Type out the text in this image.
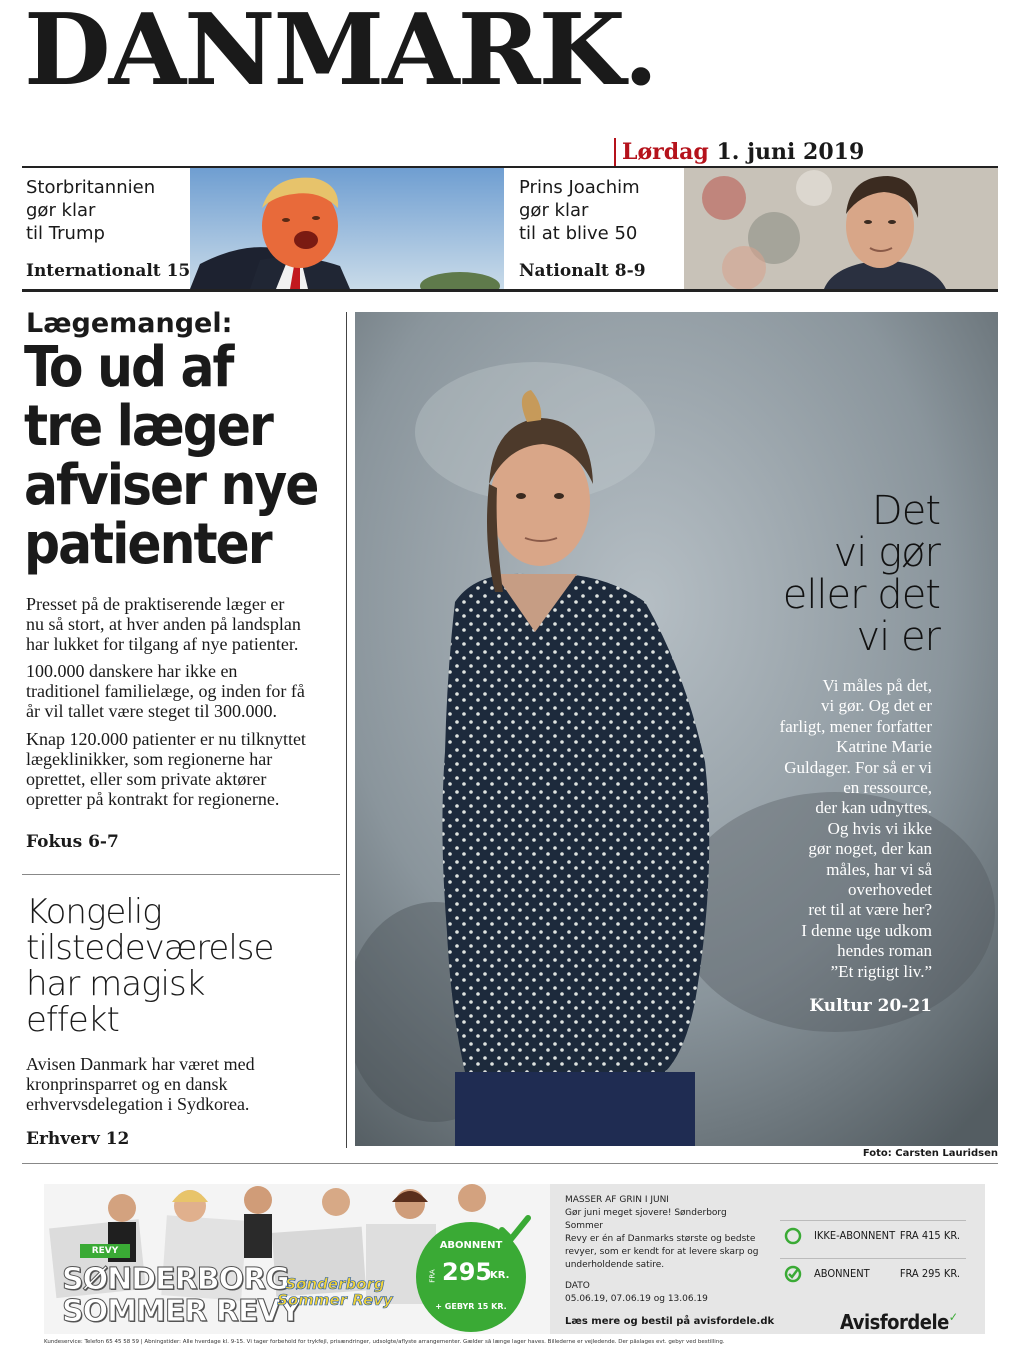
DANMARK.
Lørdag 1. juni 2019
Storbritannien
gør klar
til Trump
Internationalt 15
Prins Joachim
gør klar
til at blive 50
Nationalt 8-9
Lægemangel:
To ud af
tre læger
afviser nye
patienter
Presset på de praktiserende læger er
nu så stort, at hver anden på landsplan
har lukket for tilgang af nye patienter.
100.000 danskere har ikke en
traditionel familielæge, og inden for få
år vil tallet være steget til 300.000.
Knap 120.000 patienter er nu tilknyttet
lægeklinikker, som regionerne har
oprettet, eller som private aktører
opretter på kontrakt for regionerne.
Fokus 6-7
Kongelig
tilstedeværelse
har magisk
effekt
Avisen Danmark har været med
kronprinsparret og en dansk
erhvervsdelegation i Sydkorea.
Erhverv 12
Det
vi gør
eller det
vi er
Vi måles på det,
vi gør. Og det er
farligt, mener forfatter
Katrine Marie
Guldager. For så er vi
en ressource,
der kan udnyttes.
Og hvis vi ikke
gør noget, der kan
måles, har vi så
overhovedet
ret til at være her?
I denne uge udkom
hendes roman
”Et rigtigt liv.”
Kultur 20-21
Foto: Carsten Lauridsen
REVY
SØNDERBORG
SOMMER REVY
Sønderborg Sommer Revy
ABONNENT
FRA 295
KR.
+ GEBYR 15 KR.
MASSER AF GRIN I JUNI
Gør juni meget sjovere! Sønderborg Sommer
Revy er én af Danmarks største og bedste
revyer, som er kendt for at levere skarp og
underholdende satire.
DATO
05.06.19, 07.06.19 og 13.06.19
Læs mere og bestil på avisfordele.dk
IKKE-ABONNENT FRA 415 KR.
ABONNENT	FRA 295 KR.
Avisfordele✓
Kundeservice: Telefon 65 45 58 59 | Åbningstider: Alle hverdage kl. 9-15. Vi tager forbehold for trykfejl, prisændringer, udsolgte/aflyste arrangementer. Gælder så længe lager haves. Billederne er vejledende. Der påslages evt. gebyr ved bestilling.
